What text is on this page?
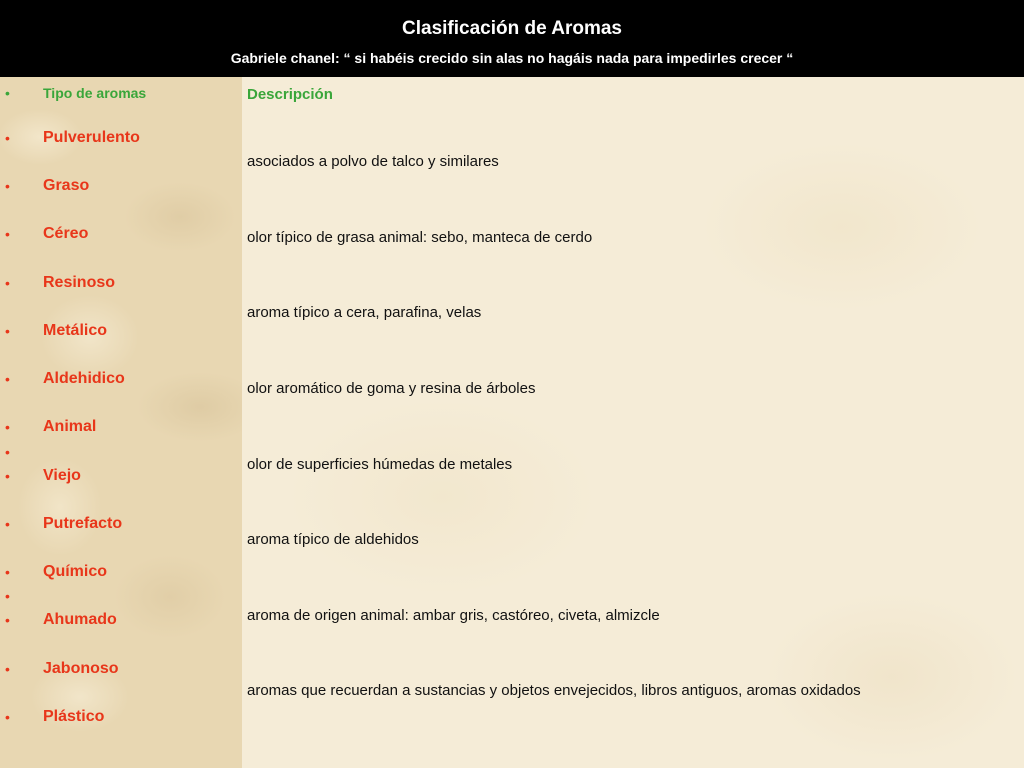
Clasificación de Aromas
Gabriele chanel: “ si habéis crecido sin alas no hagáis nada para impedirles crecer “
• Tipo de aromas
• Pulverulento
• Graso
• Céreo
• Resinoso
• Metálico
• Aldehidico
• Animal
•
• Viejo
• Putrefacto
• Químico
•
• Ahumado
• Jabonoso
• Plástico
Descripción
asociados a polvo de talco y similares
olor típico de grasa animal: sebo, manteca de cerdo
aroma típico a cera, parafina, velas
olor aromático de goma y resina de árboles
olor de superficies húmedas de metales
aroma típico de aldehidos
aroma de origen animal: ambar gris, castóreo, civeta, almizcle
aromas que recuerdan a sustancias y objetos envejecidos, libros antiguos, aromas oxidados
